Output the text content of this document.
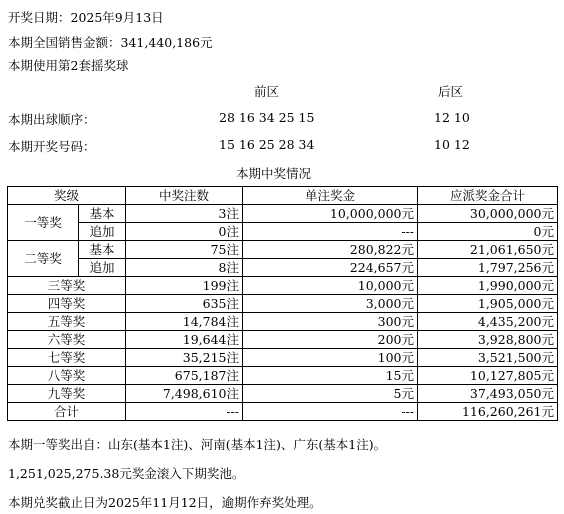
开奖日期：2025年9月13日
本期全国销售金额：341,440,186元
本期使用第2套摇奖球
前区	后区
本期出球顺序：	28 16 34 25 15	12 10
本期开奖号码：	15 16 25 28 34	10 12
本期中奖情况
奖级		中奖注数	单注奖金	应派奖金合计
一等奖	基本	3注	10,000,000元	30,000,000元
	追加	0注	---	0元
二等奖	基本	75注	280,822元	21,061,650元
	追加	8注	224,657元	1,797,256元
三等奖		199注	10,000元	1,990,000元
四等奖		635注	3,000元	1,905,000元
五等奖		14,784注	300元	4,435,200元
六等奖		19,644注	200元	3,928,800元
七等奖		35,215注	100元	3,521,500元
八等奖		675,187注	15元	10,127,805元
九等奖		7,498,610注	5元	37,493,050元
合计		---	---	116,260,261元
本期一等奖出自：山东(基本1注)、河南(基本1注)、广东(基本1注)。
1,251,025,275.38元奖金滚入下期奖池。
本期兑奖截止日为2025年11月12日，逾期作弃奖处理。
